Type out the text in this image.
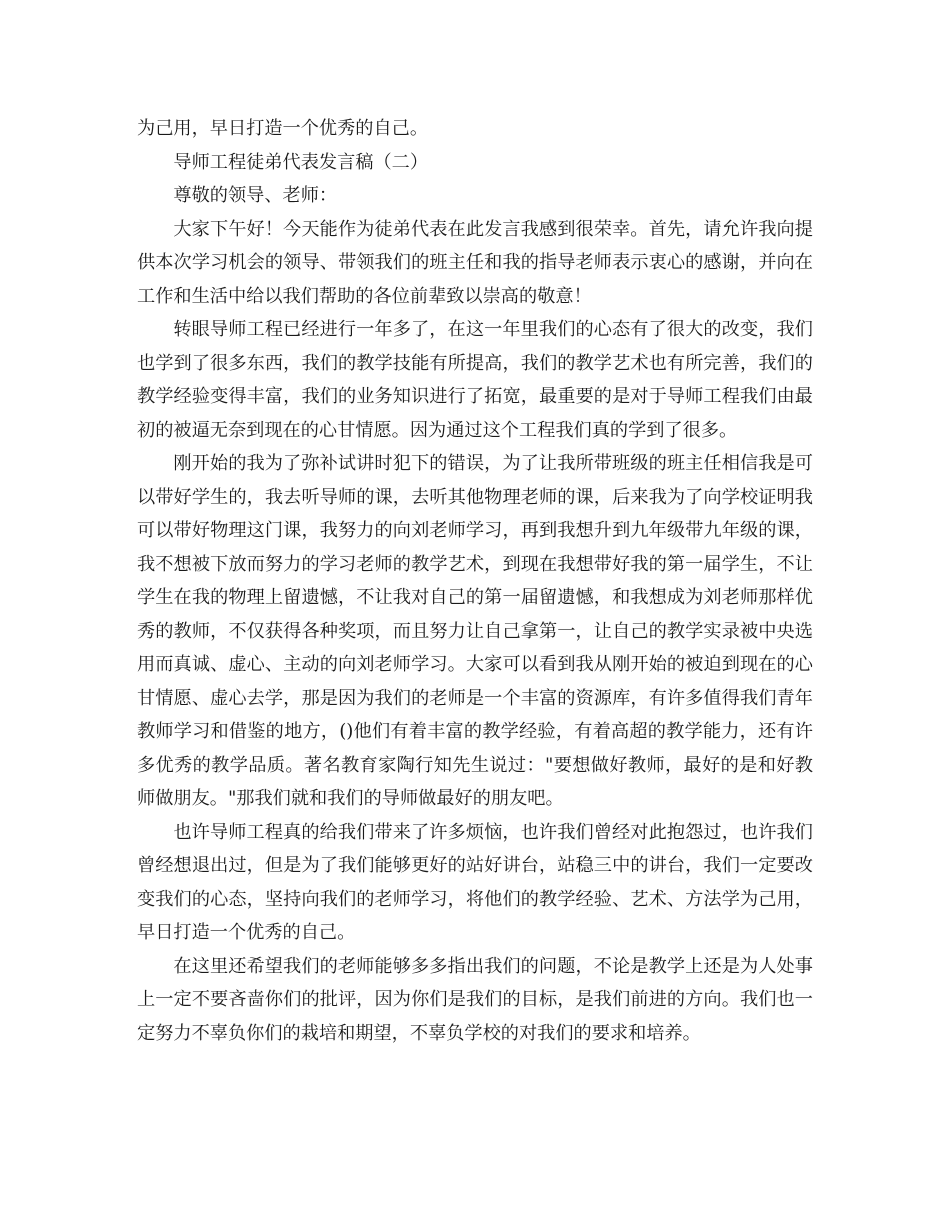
为己用，早日打造一个优秀的自己。

导师工程徒弟代表发言稿（二）

尊敬的领导、老师：

大家下午好！今天能作为徒弟代表在此发言我感到很荣幸。首先，请允许我向提供本次学习机会的领导、带领我们的班主任和我的指导老师表示衷心的感谢，并向在工作和生活中给以我们帮助的各位前辈致以崇高的敬意！

转眼导师工程已经进行一年多了，在这一年里我们的心态有了很大的改变，我们也学到了很多东西，我们的教学技能有所提高，我们的教学艺术也有所完善，我们的教学经验变得丰富，我们的业务知识进行了拓宽，最重要的是对于导师工程我们由最初的被逼无奈到现在的心甘情愿。因为通过这个工程我们真的学到了很多。

刚开始的我为了弥补试讲时犯下的错误，为了让我所带班级的班主任相信我是可以带好学生的，我去听导师的课，去听其他物理老师的课，后来我为了向学校证明我可以带好物理这门课，我努力的向刘老师学习，再到我想升到九年级带九年级的课，我不想被下放而努力的学习老师的教学艺术，到现在我想带好我的第一届学生，不让学生在我的物理上留遗憾，不让我对自己的第一届留遗憾，和我想成为刘老师那样优秀的教师，不仅获得各种奖项，而且努力让自己拿第一，让自己的教学实录被中央选用而真诚、虚心、主动的向刘老师学习。大家可以看到我从刚开始的被迫到现在的心甘情愿、虚心去学，那是因为我们的老师是一个丰富的资源库，有许多值得我们青年教师学习和借鉴的地方，()他们有着丰富的教学经验，有着高超的教学能力，还有许多优秀的教学品质。著名教育家陶行知先生说过："要想做好教师，最好的是和好教师做朋友。"那我们就和我们的导师做最好的朋友吧。

也许导师工程真的给我们带来了许多烦恼，也许我们曾经对此抱怨过，也许我们曾经想退出过，但是为了我们能够更好的站好讲台，站稳三中的讲台，我们一定要改变我们的心态，坚持向我们的老师学习，将他们的教学经验、艺术、方法学为己用，早日打造一个优秀的自己。

在这里还希望我们的老师能够多多指出我们的问题，不论是教学上还是为人处事上一定不要吝啬你们的批评，因为你们是我们的目标，是我们前进的方向。我们也一定努力不辜负你们的栽培和期望，不辜负学校的对我们的要求和培养。
